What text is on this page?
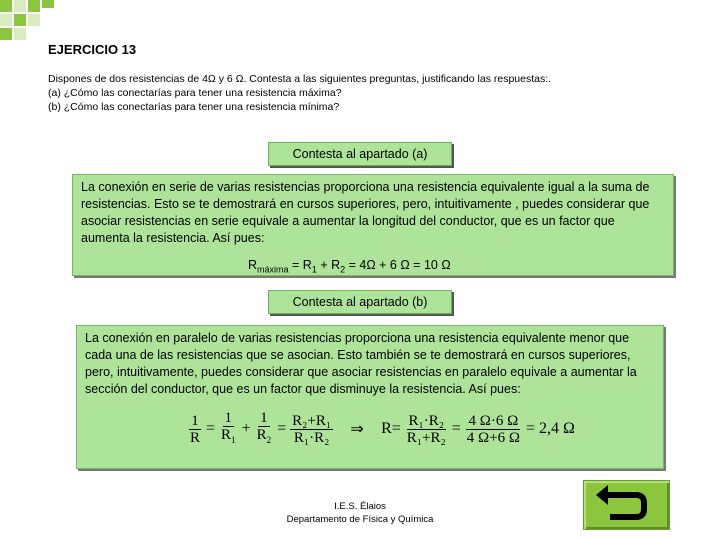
EJERCICIO 13
Dispones de dos resistencias de 4Ω y 6 Ω. Contesta a las siguientes preguntas, justificando las respuestas:.
(a) ¿Cómo las conectarías para tener una resistencia máxima?
(b) ¿Cómo las conectarías para tener una resistencia mínima?
Contesta al apartado (a)
La conexión en serie de varias resistencias proporciona una resistencia equivalente igual a la suma de resistencias. Esto se te demostrará en cursos superiores, pero, intuitivamente , puedes considerar que asociar resistencias en serie equivale a aumentar la longitud del conductor, que es un factor que aumenta la resistencia. Así pues:
$R_{máxima} = R_1 + R_2 = 4\Omega + 6$ Ω = 10 Ω
Contesta al apartado (b)
La conexión en paralelo de varias resistencias proporciona una resistencia equivalente menor que cada una de las resistencias que se asocian. Esto también se te demostrará en cursos superiores, pero, intuitivamente, puedes considerar que asociar resistencias en paralelo equivale a aumentar la sección del conductor, que es un factor que disminuye la resistencia. Así pues:
$\frac{1}{R} = \frac{1}{R_1} + \frac{1}{R_2} = \frac{\text{R₂+R₁}}{\text{R₁·R₂}}$	⇒	$R= \frac{\text{R₁·R₂}}{\text{R₁+R₂}} = \frac{4 \Omega\cdot 6 \Omega}{4 \Omega+6 \Omega} = 2,4$ Ω
I.E.S. Élaios
Departamento de Física y Química
